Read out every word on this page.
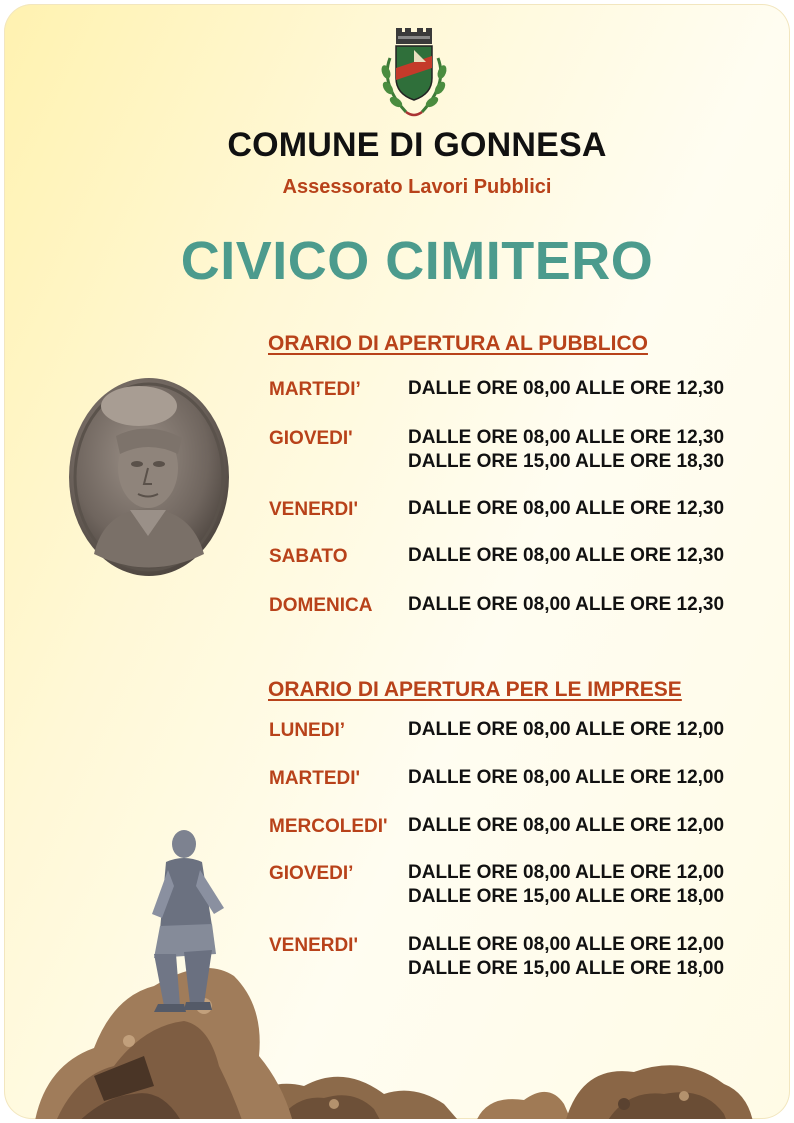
COMUNE DI GONNESA
Assessorato Lavori Pubblici
CIVICO CIMITERO
ORARIO DI APERTURA AL PUBBLICO
MARTEDI’ DALLE ORE 08,00 ALLE ORE 12,30
GIOVEDI'	DALLE ORE 08,00 ALLE ORE 12,30
DALLE ORE 15,00 ALLE ORE 18,30
VENERDI'	DALLE ORE 08,00 ALLE ORE 12,30
SABATO	DALLE ORE 08,00 ALLE ORE 12,30
DOMENICA DALLE ORE 08,00 ALLE ORE 12,30
ORARIO DI APERTURA PER LE IMPRESE
LUNEDI’	DALLE ORE 08,00 ALLE ORE 12,00
MARTEDI'	DALLE ORE 08,00 ALLE ORE 12,00
MERCOLEDI' DALLE ORE 08,00 ALLE ORE 12,00
GIOVEDI’	DALLE ORE 08,00 ALLE ORE 12,00
DALLE ORE 15,00 ALLE ORE 18,00
VENERDI'	DALLE ORE 08,00 ALLE ORE 12,00
DALLE ORE 15,00 ALLE ORE 18,00
